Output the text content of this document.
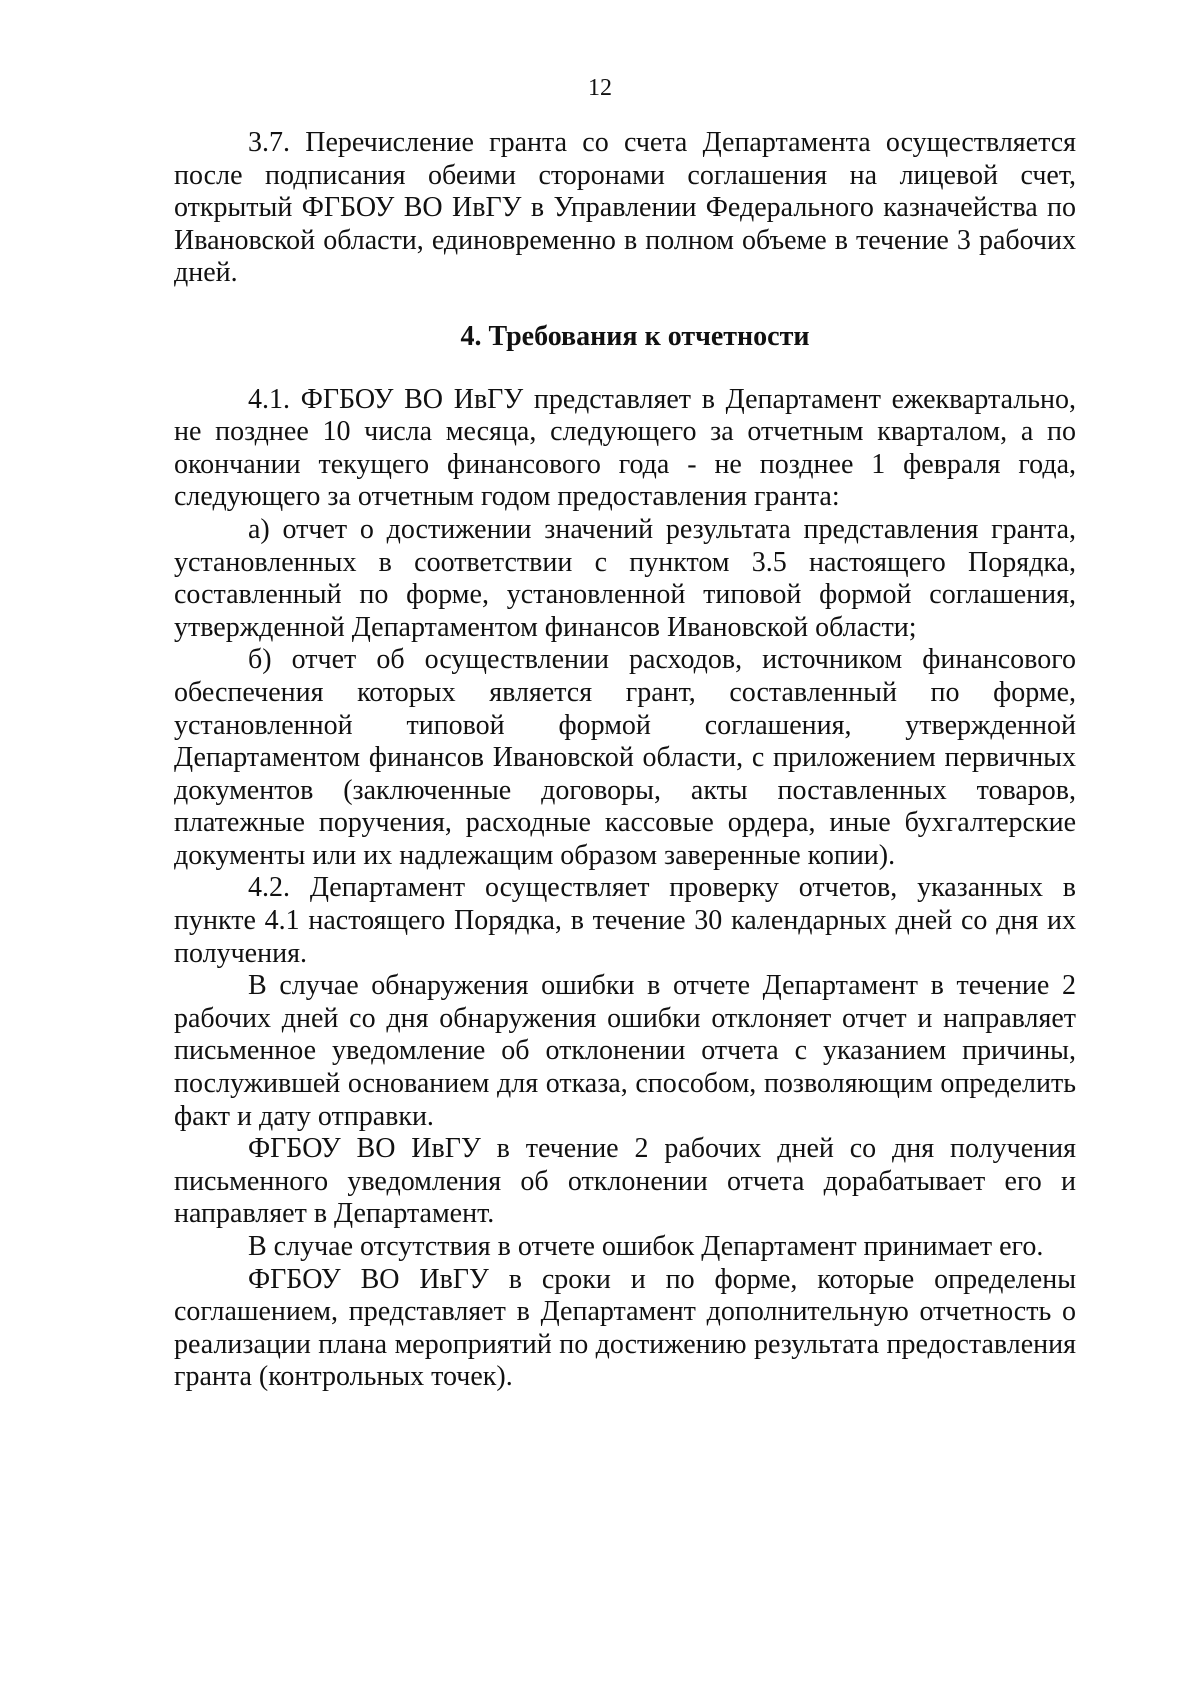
12

3.7. Перечисление гранта со счета Департамента осуществляется после подписания обеими сторонами соглашения на лицевой счет, открытый ФГБОУ ВО ИвГУ в Управлении Федерального казначейства по Ивановской области, единовременно в полном объеме в течение 3 рабочих дней.

4. Требования к отчетности

4.1. ФГБОУ ВО ИвГУ представляет в Департамент ежеквартально, не позднее 10 числа месяца, следующего за отчетным кварталом, а по окончании текущего финансового года - не позднее 1 февраля года, следующего за отчетным годом предоставления гранта:

а) отчет о достижении значений результата представления гранта, установленных в соответствии с пунктом 3.5 настоящего Порядка, составленный по форме, установленной типовой формой соглашения, утвержденной Департаментом финансов Ивановской области;

б) отчет об осуществлении расходов, источником финансового обеспечения которых является грант, составленный по форме, установленной типовой формой соглашения, утвержденной Департаментом финансов Ивановской области, с приложением первичных документов (заключенные договоры, акты поставленных товаров, платежные поручения, расходные кассовые ордера, иные бухгалтерские документы или их надлежащим образом заверенные копии).

4.2. Департамент осуществляет проверку отчетов, указанных в пункте 4.1 настоящего Порядка, в течение 30 календарных дней со дня их получения.

В случае обнаружения ошибки в отчете Департамент в течение 2 рабочих дней со дня обнаружения ошибки отклоняет отчет и направляет письменное уведомление об отклонении отчета с указанием причины, послужившей основанием для отказа, способом, позволяющим определить факт и дату отправки.

ФГБОУ ВО ИвГУ в течение 2 рабочих дней со дня получения письменного уведомления об отклонении отчета дорабатывает его и направляет в Департамент.

В случае отсутствия в отчете ошибок Департамент принимает его.

ФГБОУ ВО ИвГУ в сроки и по форме, которые определены соглашением, представляет в Департамент дополнительную отчетность о реализации плана мероприятий по достижению результата предоставления гранта (контрольных точек).
